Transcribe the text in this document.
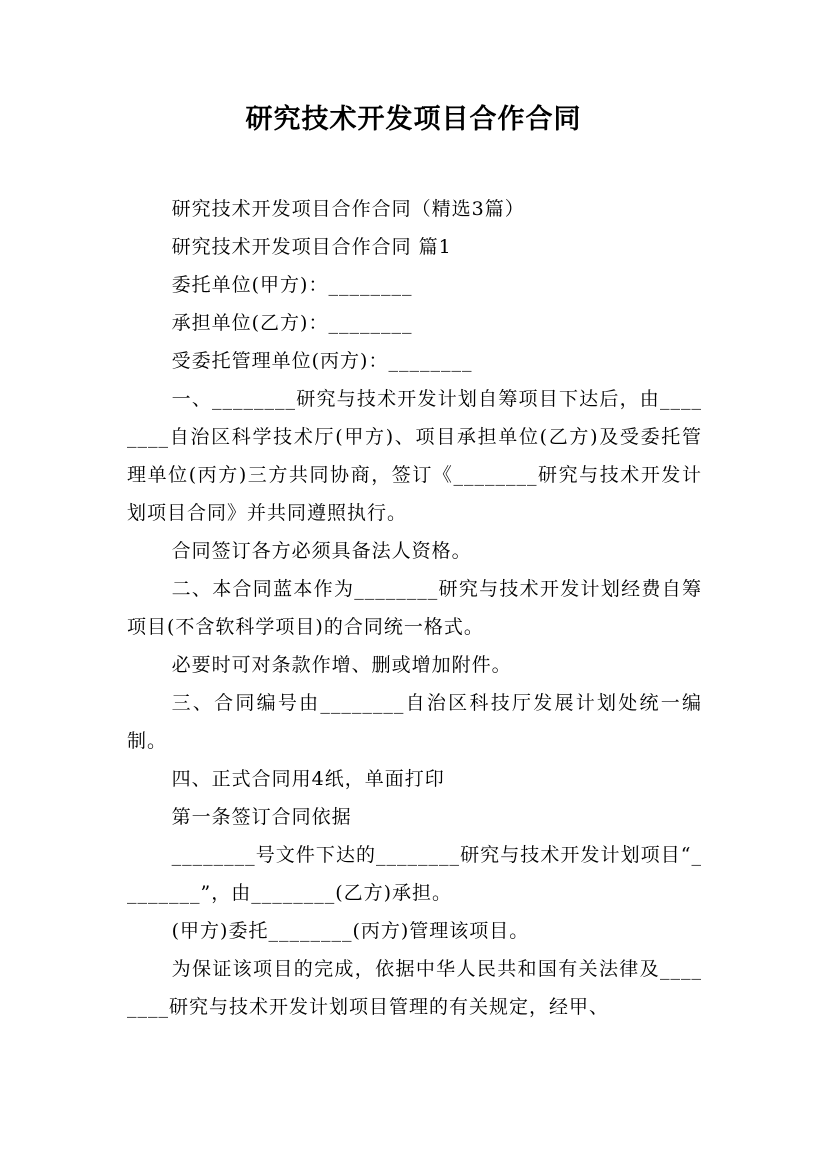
研究技术开发项目合作合同

研究技术开发项目合作合同（精选3篇）

研究技术开发项目合作合同 篇1

委托单位(甲方)：________

承担单位(乙方)：________

受委托管理单位(丙方)：________

一、________研究与技术开发计划自筹项目下达后，由________自治区科学技术厅(甲方)、项目承担单位(乙方)及受委托管理单位(丙方)三方共同协商，签订《________研究与技术开发计划项目合同》并共同遵照执行。

合同签订各方必须具备法人资格。

二、本合同蓝本作为________研究与技术开发计划经费自筹项目(不含软科学项目)的合同统一格式。

必要时可对条款作增、删或增加附件。

三、合同编号由________自治区科技厅发展计划处统一编制。

四、正式合同用4纸，单面打印

第一条签订合同依据

________号文件下达的________研究与技术开发计划项目“________”，由________(乙方)承担。

(甲方)委托________(丙方)管理该项目。

为保证该项目的完成，依据中华人民共和国有关法律及________研究与技术开发计划项目管理的有关规定，经甲、
